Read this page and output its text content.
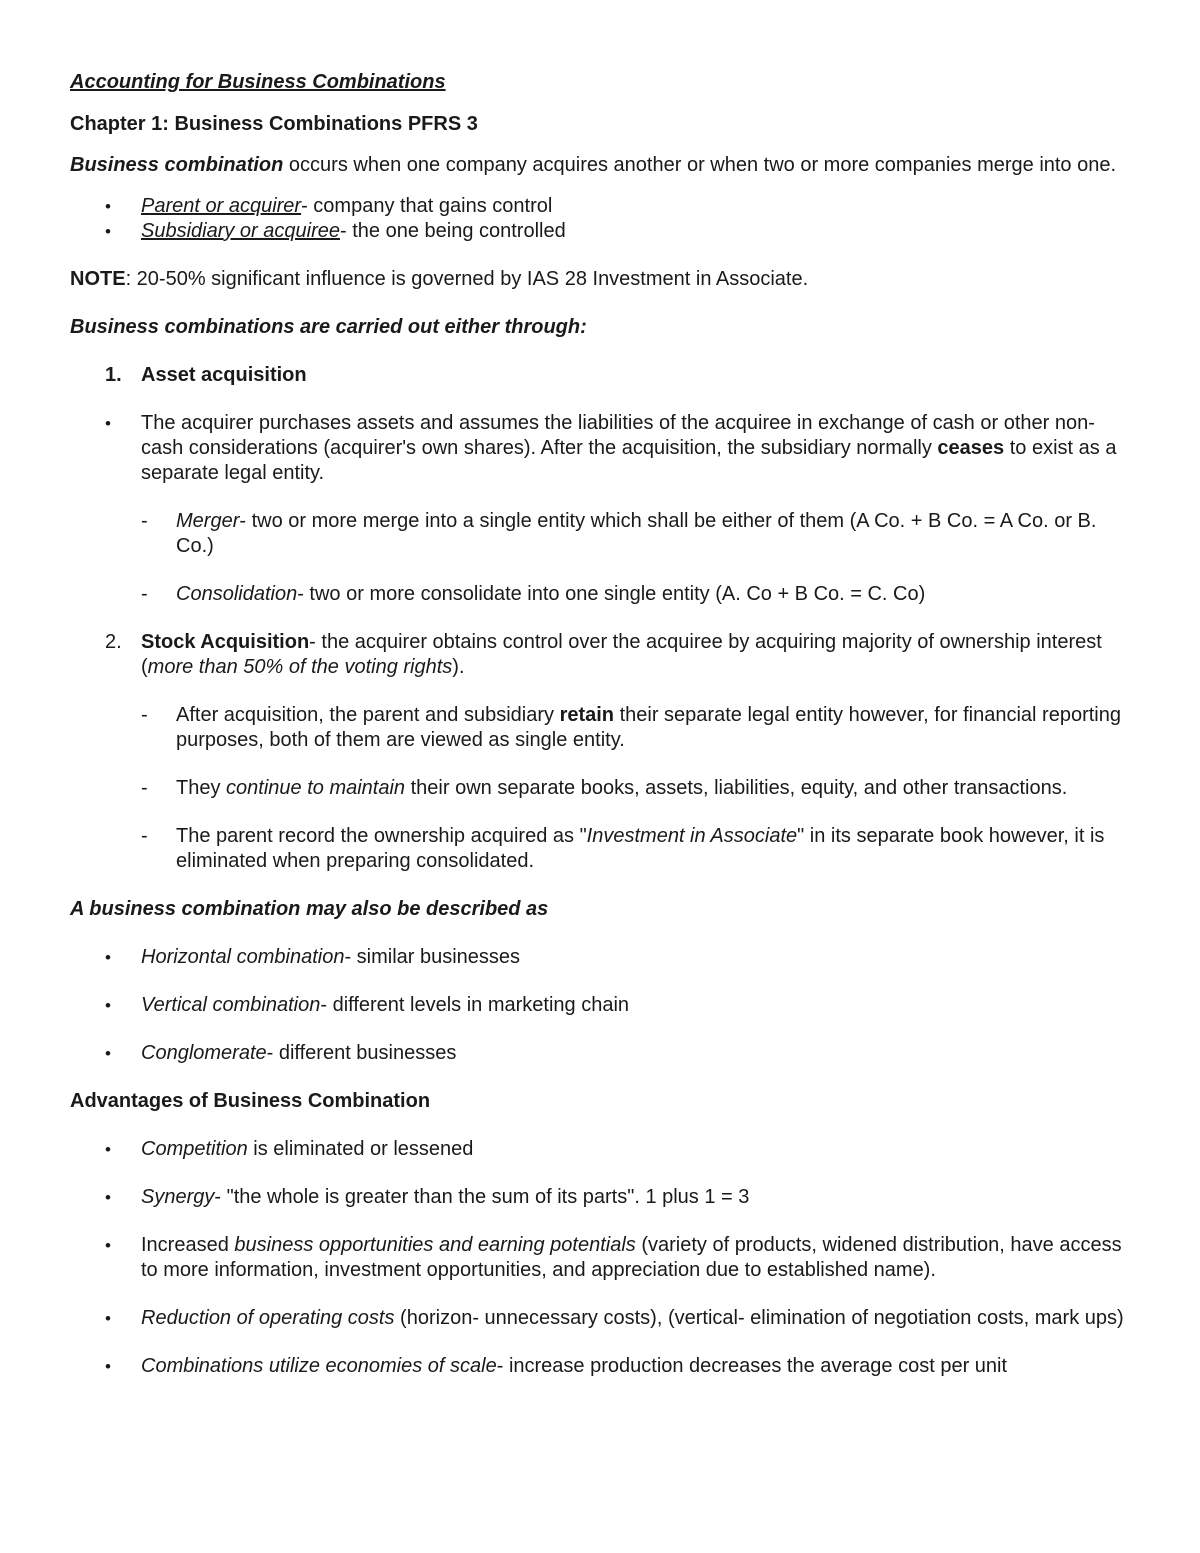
Accounting for Business Combinations

Chapter 1: Business Combinations PFRS 3

Business combination occurs when one company acquires another or when two or more companies merge into one.

• Parent or acquirer- company that gains control
• Subsidiary or acquiree- the one being controlled

NOTE: 20-50% significant influence is governed by IAS 28 Investment in Associate.

Business combinations are carried out either through:

1. Asset acquisition
• The acquirer purchases assets and assumes the liabilities of the acquiree in exchange of cash or other non-cash considerations (acquirer's own shares). After the acquisition, the subsidiary normally ceases to exist as a separate legal entity.
- Merger- two or more merge into a single entity which shall be either of them (A Co. + B Co. = A Co. or B. Co.)
- Consolidation- two or more consolidate into one single entity (A. Co + B Co. = C. Co)
2. Stock Acquisition- the acquirer obtains control over the acquiree by acquiring majority of ownership interest (more than 50% of the voting rights).
- After acquisition, the parent and subsidiary retain their separate legal entity however, for financial reporting purposes, both of them are viewed as single entity.
- They continue to maintain their own separate books, assets, liabilities, equity, and other transactions.
- The parent record the ownership acquired as "Investment in Associate" in its separate book however, it is eliminated when preparing consolidated.

A business combination may also be described as

• Horizontal combination- similar businesses
• Vertical combination- different levels in marketing chain
• Conglomerate- different businesses

Advantages of Business Combination

• Competition is eliminated or lessened
• Synergy- "the whole is greater than the sum of its parts". 1 plus 1 = 3
• Increased business opportunities and earning potentials (variety of products, widened distribution, have access to more information, investment opportunities, and appreciation due to established name).
• Reduction of operating costs (horizon- unnecessary costs), (vertical- elimination of negotiation costs, mark ups)
• Combinations utilize economies of scale- increase production decreases the average cost per unit
